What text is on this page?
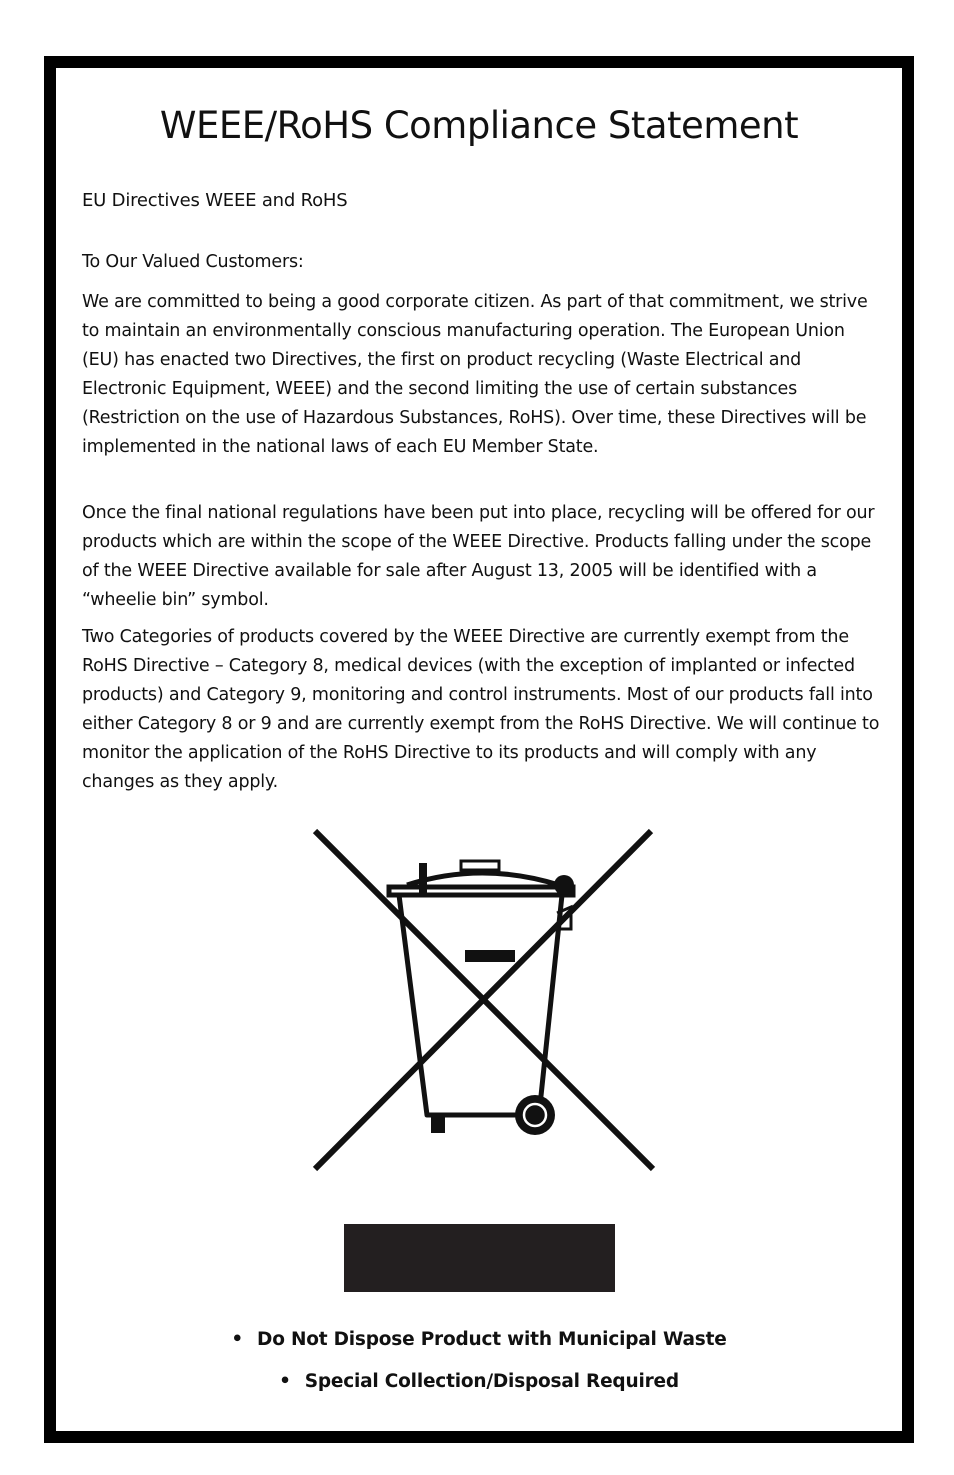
WEEE/RoHS Compliance Statement

EU Directives WEEE and RoHS

To Our Valued Customers:

We are committed to being a good corporate citizen. As part of that commitment, we strive to maintain an environmentally conscious manufacturing operation. The European Union (EU) has enacted two Directives, the first on product recycling (Waste Electrical and Electronic Equipment, WEEE) and the second limiting the use of certain substances (Restriction on the use of Hazardous Substances, RoHS). Over time, these Directives will be implemented in the national laws of each EU Member State.

Once the final national regulations have been put into place, recycling will be offered for our products which are within the scope of the WEEE Directive. Products falling under the scope of the WEEE Directive available for sale after August 13, 2005 will be identified with a “wheelie bin” symbol.

Two Categories of products covered by the WEEE Directive are currently exempt from the RoHS Directive – Category 8, medical devices (with the exception of implanted or infected products) and Category 9, monitoring and control instruments. Most of our products fall into either Category 8 or 9 and are currently exempt from the RoHS Directive. We will continue to monitor the application of the RoHS Directive to its products and will comply with any changes as they apply.

• Do Not Dispose Product with Municipal Waste

• Special Collection/Disposal Required
